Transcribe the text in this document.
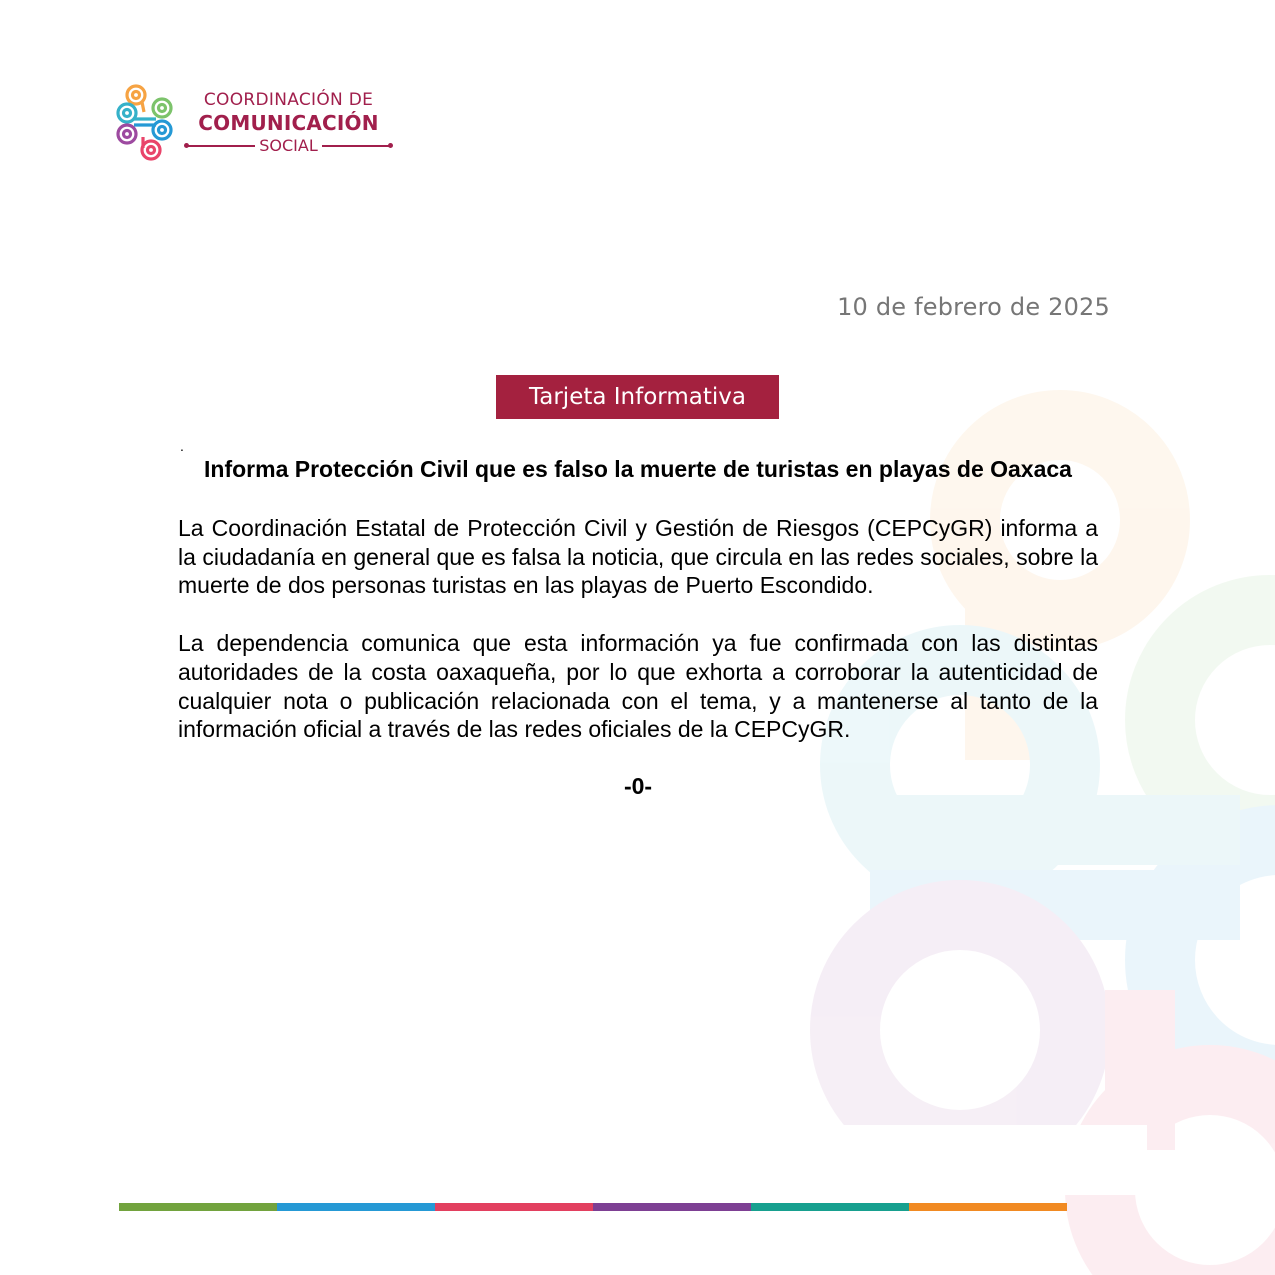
COORDINACIÓN DE
COMUNICACIÓN
SOCIAL
10 de febrero de 2025
Tarjeta Informativa
.
Informa Protección Civil que es falso la muerte de turistas en playas de Oaxaca

La Coordinación Estatal de Protección Civil y Gestión de Riesgos (CEPCyGR) informa a la ciudadanía en general que es falsa la noticia, que circula en las redes sociales, sobre la muerte de dos personas turistas en las playas de Puerto Escondido.

La dependencia comunica que esta información ya fue confirmada con las distintas autoridades de la costa oaxaqueña, por lo que exhorta a corroborar la autenticidad de cualquier nota o publicación relacionada con el tema, y a mantenerse al tanto de la información oficial a través de las redes oficiales de la CEPCyGR.

-0-
